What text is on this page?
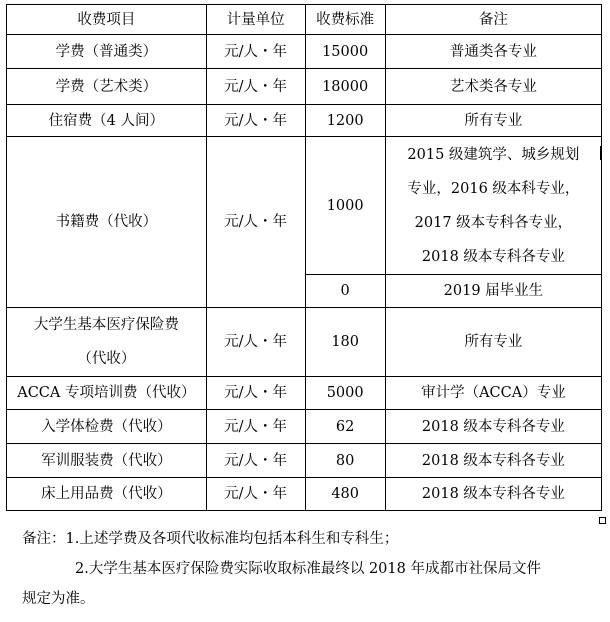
收费项目	计量单位	收费标准	备注
学费（普通类）	元/人・年	15000	普通类各专业
学费（艺术类）	元/人・年	18000	艺术类各专业
住宿费（4 人间）	元/人・年	1200	所有专业
书籍费（代收）	元/人・年	1000	2015 级建筑学、城乡规划
专业，2016 级本科专业，
2017 级本专科各专业，
2018 级本专科各专业

		0	2019 届毕业生

大学生基本医疗保险费
（代收）	元/人・年	180	所有专业
ACCA 专项培训费（代收）	元/人・年	5000	审计学（ACCA）专业
入学体检费（代收）	元/人・年	62	2018 级本专科各专业
军训服装费（代收）	元/人・年	80	2018 级本专科各专业
床上用品费（代收）	元/人・年	480	2018 级本专科各专业
备注：1.上述学费及各项代收标准均包括本科生和专科生；
2.大学生基本医疗保险费实际收取标准最终以 2018 年成都市社保局文件
规定为准。
